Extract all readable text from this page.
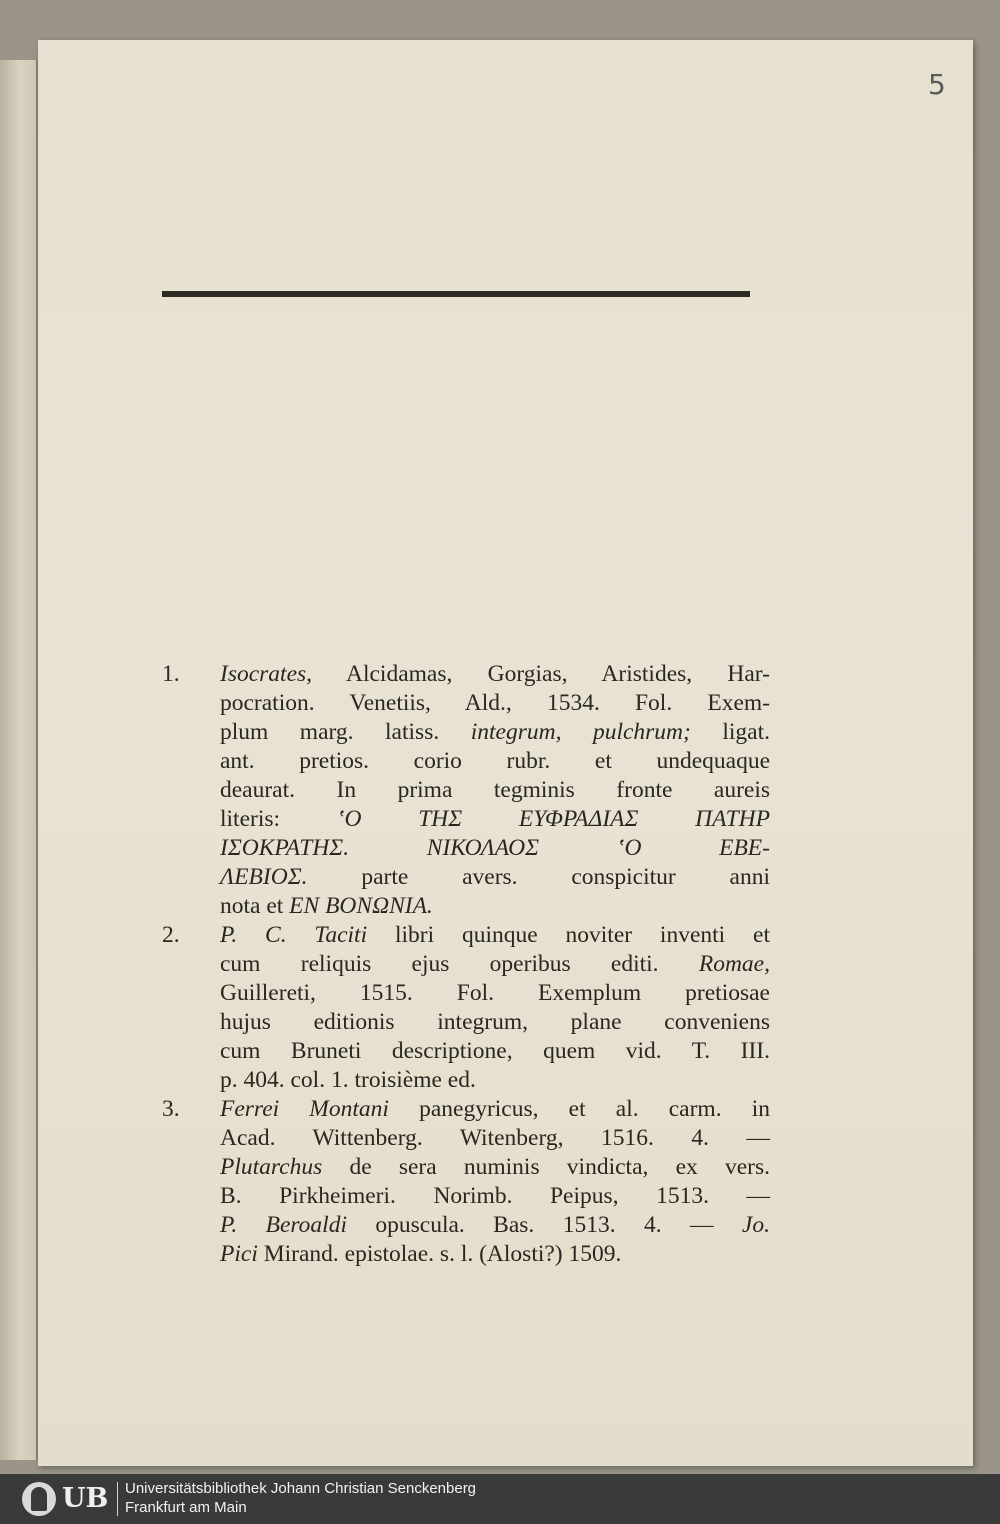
5
1. Isocrates, Alcidamas, Gorgias, Aristides, Har-
pocration. Venetiis, Ald., 1534. Fol. Exem-
plum marg. latiss. integrum, pulchrum; ligat.
ant. pretios. corio rubr. et undequaque
deaurat. In prima tegminis fronte aureis
literis: ʽΟ ΤΗΣ ΕΥΦΡΑΔΙΑΣ ΠΑΤΗΡ
ΙΣΟΚΡΑΤΗΣ. ΝΙΚΟΛΑΟΣ ʽΟ ΕΒΕ-
ΛΕΒΙΟΣ. parte avers. conspicitur anni
nota et ΕΝ ΒΟΝΩΝΙΑ.
2. P. C. Taciti libri quinque noviter inventi et
cum reliquis ejus operibus editi. Romae,
Guillereti, 1515. Fol. Exemplum pretiosae
hujus editionis integrum, plane conveniens
cum Bruneti descriptione, quem vid. T. III.
p. 404. col. 1. troisième ed.
3. Ferrei Montani panegyricus, et al. carm. in
Acad. Wittenberg. Witenberg, 1516. 4. —
Plutarchus de sera numinis vindicta, ex vers.
B. Pirkheimeri. Norimb. Peipus, 1513. —
P. Beroaldi opuscula. Bas. 1513. 4. — Jo.
Pici Mirand. epistolae. s. l. (Alosti?) 1509.
UB Universitätsbibliothek Johann Christian Senckenberg
Frankfurt am Main
